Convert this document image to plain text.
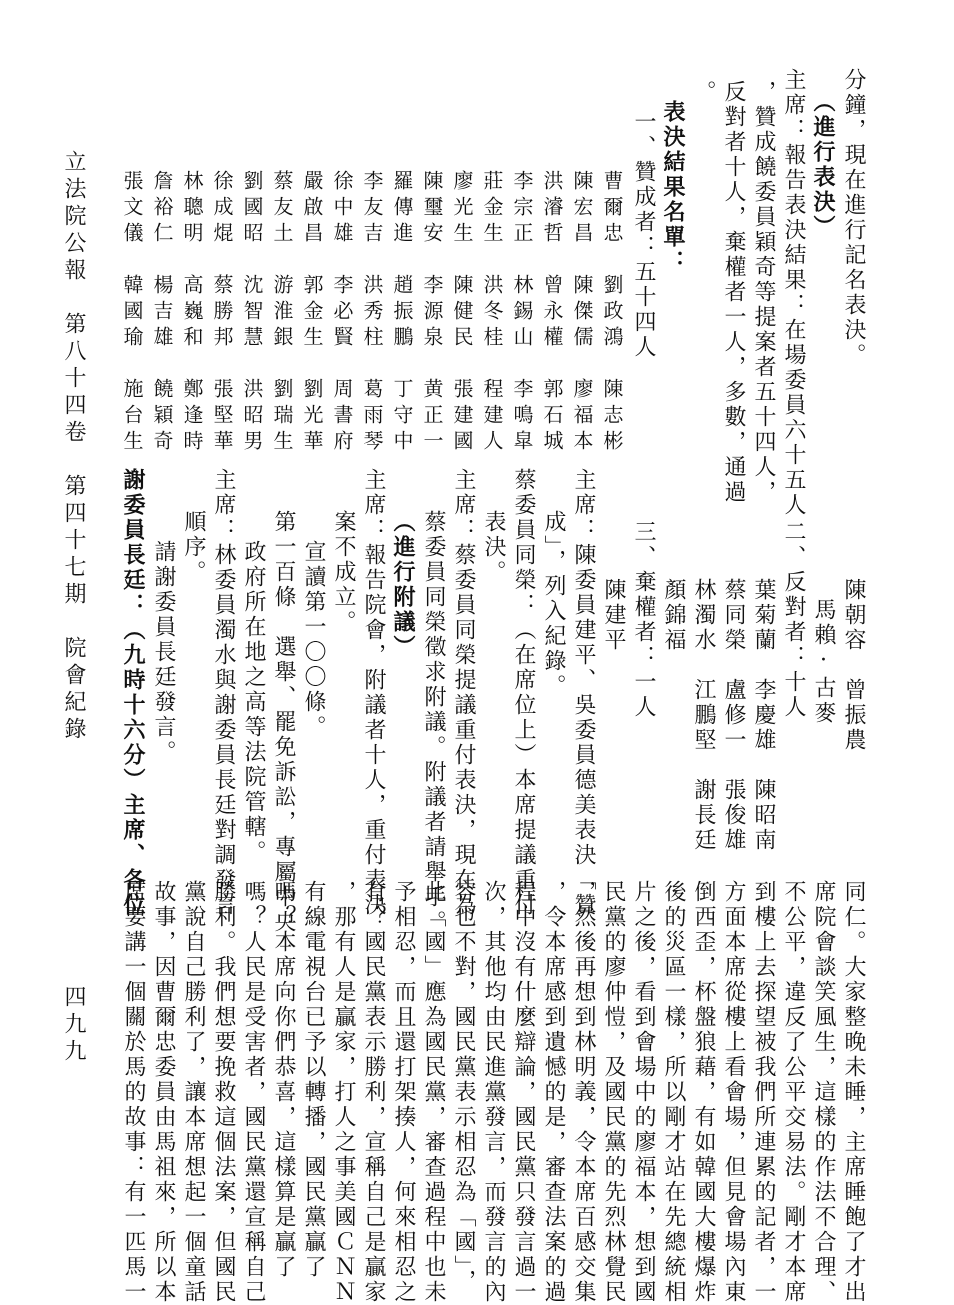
分鐘，現在進行記名表決。
（進行表決）
主席：報告表決結果：在場委員六十五人
，贊成饒委員穎奇等提案者五十四人，
反對者十人，棄權者一人，多數，通過
。
表決結果名單：
一、贊成者：五十四人
曹爾忠　劉政鴻　陳志彬
陳宏昌　陳傑儒　廖福本
洪濬哲　曾永權　郭石城
李宗正　林錫山　李鳴皐
莊金生　洪冬桂　程建人
廖光生　陳健民　張建國
陳璽安　李源泉　黄正一
羅傳進　趙振鵬　丁守中
李友吉　洪秀柱　葛雨琴
徐中雄　李必賢　周書府
嚴啟昌　郭金生　劉光華
蔡友土　游淮銀　劉瑞生
劉國昭　沈智慧　洪昭男
徐成焜　蔡勝邦　張堅華
林聰明　高巍和　鄭逢時
詹裕仁　楊吉雄　饒穎奇
張文儀　韓國瑜　施台生
陳朝容　曾振農
馬賴·古麥
二、反對者：十人
葉菊蘭　李慶雄　陳昭南
蔡同榮　盧修一　張俊雄
林濁水　江鵬堅　謝長廷
顏錦福
三、棄權者：一人
陳建平
主席：陳委員建平、吳委員德美表決「贊
成」，列入紀錄。
蔡委員同榮：（在席位上）本席提議重付
表決。
主席：蔡委員同榮提議重付表決，現在為
蔡委員同榮徵求附議。附議者請舉手。
（進行附議）
主席：報告院會，附議者十人，重付表決
案不成立。
宣讀第一〇〇條。
第一百條　選舉、罷免訴訟，專屬中央
政府所在地之高等法院管轄。
主席：林委員濁水與謝委員長廷對調發言
順序。
請謝委員長廷發言。
謝委員長廷：（九時十六分）主席、各位
同仁。大家整晚未睡，主席睡飽了才出
席院會談笑風生，這樣的作法不合理、
不公平，違反了公平交易法。剛才本席
到樓上去探望被我們所連累的記者，一
方面本席從樓上看會場，但見會場內東
倒西歪，杯盤狼藉，有如韓國大樓爆炸
後的災區一樣，所以剛才站在先總統相
片之後，看到會場中的廖福本，想到國
民黨的廖仲愷，及國民黨的先烈林覺民
，然後再想到林明義，令本席百感交集
，令本席感到遺憾的是，審查法案的過
程中沒有什麼辯論，國民黨只發言過一
次，其他均由民進黨發言，而發言的內
容也不對，國民黨表示相忍為「國」，
此「國」應為國民黨，審查過程中也未
予相忍，而且還打架揍人，何來相忍之
有？國民黨表示勝利，宣稱自己是贏家
，那有人是贏家，打人之事美國ＣＮＮ
有線電視台已予以轉播，國民黨贏了
嗎？本席向你們恭喜，這樣算是贏了
嗎？人民是受害者，國民黨還宣稱自己
勝利。我們想要挽救這個法案，但國民
黨說自己勝利了，讓本席想起一個童話
故事，因曹爾忠委員由馬祖來，所以本
席要講一個關於馬的故事：有一匹馬一
立法院公報　第八十四卷　第四十七期　院會紀錄
四九九
